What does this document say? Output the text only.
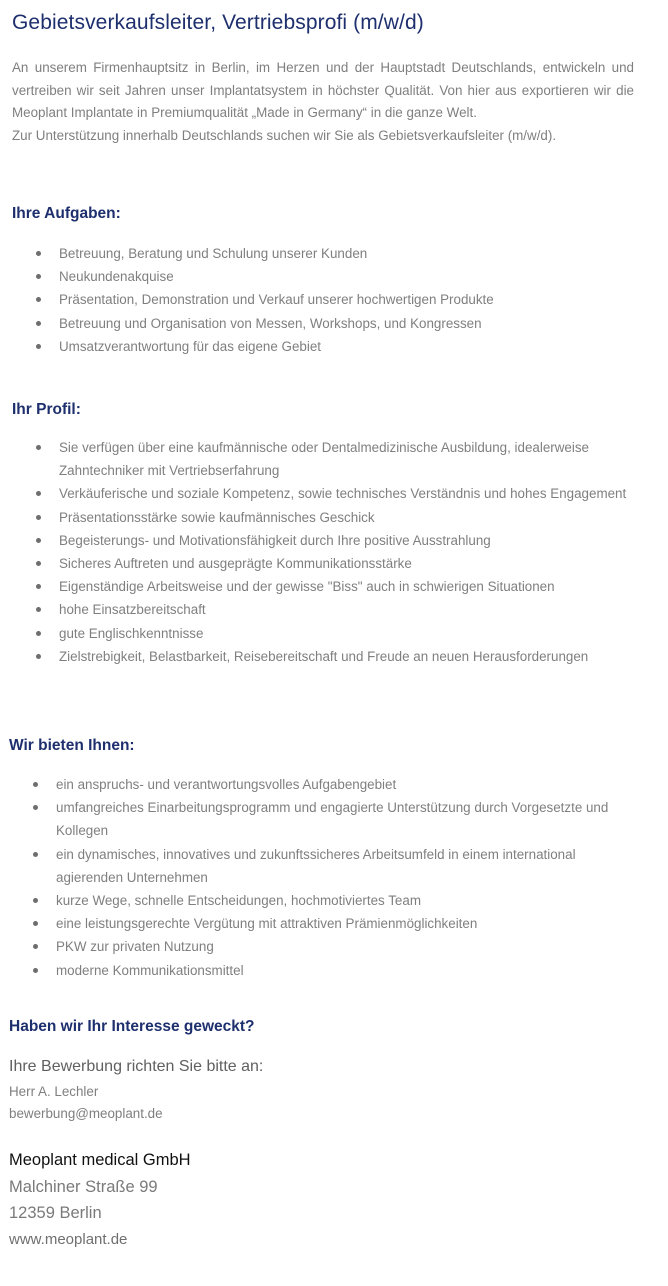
Gebietsverkaufsleiter, Vertriebsprofi (m/w/d)

An unserem Firmenhauptsitz in Berlin, im Herzen und der Hauptstadt Deutschlands, entwickeln und vertreiben wir seit Jahren unser Implantatsystem in höchster Qualität. Von hier aus exportieren wir die Meoplant Implantate in Premiumqualität „Made in Germany“ in die ganze Welt.

Zur Unterstützung innerhalb Deutschlands suchen wir Sie als Gebietsverkaufsleiter (m/w/d).

Ihre Aufgaben:
Betreuung, Beratung und Schulung unserer Kunden
Neukundenakquise
Präsentation, Demonstration und Verkauf unserer hochwertigen Produkte
Betreuung und Organisation von Messen, Workshops, und Kongressen
Umsatzverantwortung für das eigene Gebiet
Ihr Profil:
Sie verfügen über eine kaufmännische oder Dentalmedizinische Ausbildung, idealerweise Zahntechniker mit Vertriebserfahrung
Verkäuferische und soziale Kompetenz, sowie technisches Verständnis und hohes Engagement
Präsentationsstärke sowie kaufmännisches Geschick
Begeisterungs- und Motivationsfähigkeit durch Ihre positive Ausstrahlung
Sicheres Auftreten und ausgeprägte Kommunikationsstärke
Eigenständige Arbeitsweise und der gewisse "Biss" auch in schwierigen Situationen
hohe Einsatzbereitschaft
gute Englischkenntnisse
Zielstrebigkeit, Belastbarkeit, Reisebereitschaft und Freude an neuen Herausforderungen
Wir bieten Ihnen:
ein anspruchs- und verantwortungsvolles Aufgabengebiet
umfangreiches Einarbeitungsprogramm und engagierte Unterstützung durch Vorgesetzte und Kollegen
ein dynamisches, innovatives und zukunftssicheres Arbeitsumfeld in einem international agierenden Unternehmen
kurze Wege, schnelle Entscheidungen, hochmotiviertes Team
eine leistungsgerechte Vergütung mit attraktiven Prämienmöglichkeiten
PKW zur privaten Nutzung
moderne Kommunikationsmittel
Haben wir Ihr Interesse geweckt?

Ihre Bewerbung richten Sie bitte an:

Herr A. Lechler

bewerbung@meoplant.de

Meoplant medical GmbH

Malchiner Straße 99

12359 Berlin

www.meoplant.de
